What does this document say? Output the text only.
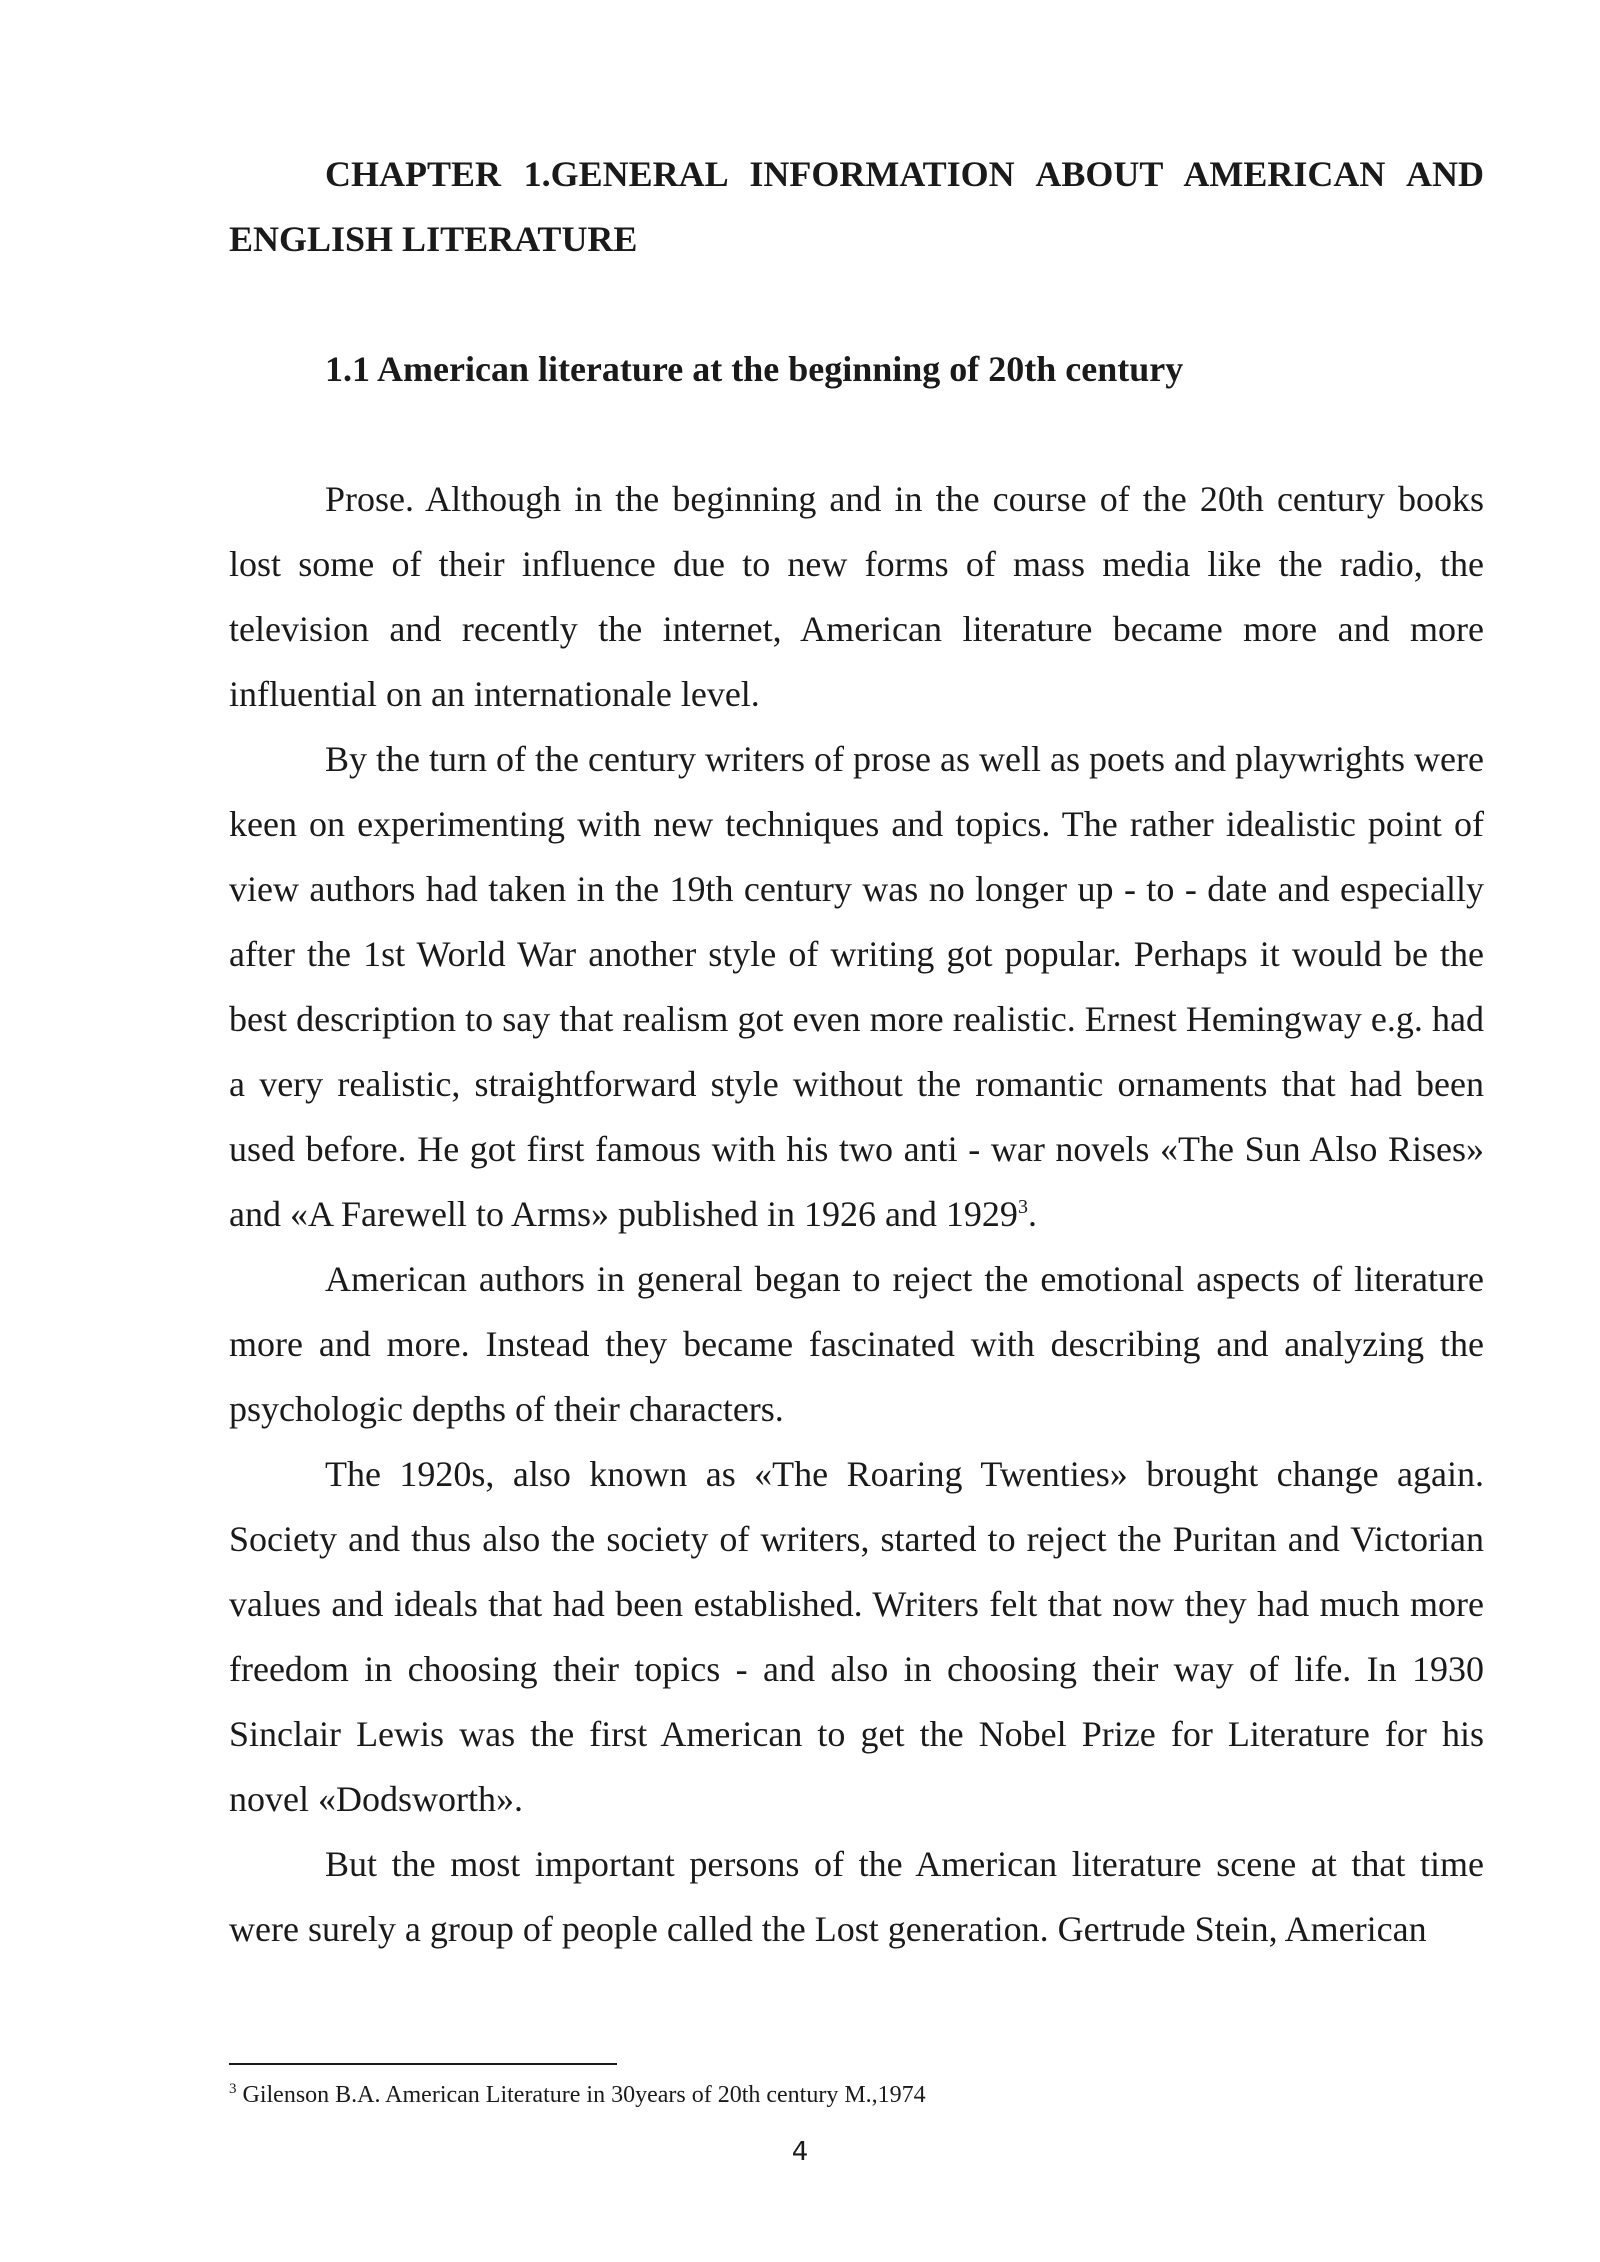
CHAPTER 1.GENERAL INFORMATION ABOUT AMERICAN AND ENGLISH LITERATURE
1.1 American literature at the beginning of 20th century

Prose. Although in the beginning and in the course of the 20th century books lost some of their influence due to new forms of mass media like the radio, the television and recently the internet, American literature became more and more influential on an internationale level.

By the turn of the century writers of prose as well as poets and playwrights were keen on experimenting with new techniques and topics. The rather idealistic point of view authors had taken in the 19th century was no longer up - to - date and especially after the 1st World War another style of writing got popular. Perhaps it would be the best description to say that realism got even more realistic. Ernest Hemingway e.g. had a very realistic, straightforward style without the romantic ornaments that had been used before. He got first famous with his two anti - war novels «The Sun Also Rises» and «A Farewell to Arms» published in 1926 and 1929$^3$.

American authors in general began to reject the emotional aspects of literature more and more. Instead they became fascinated with describing and analyzing the psychologic depths of their characters.

The 1920s, also known as «The Roaring Twenties» brought change again. Society and thus also the society of writers, started to reject the Puritan and Victorian values and ideals that had been established. Writers felt that now they had much more freedom in choosing their topics - and also in choosing their way of life. In 1930 Sinclair Lewis was the first American to get the Nobel Prize for Literature for his novel «Dodsworth».

But the most important persons of the American literature scene at that time were surely a group of people called the Lost generation. Gertrude Stein, American

$^3$ Gilenson B.A. American Literature in 30years of 20th century M.,1974

4
